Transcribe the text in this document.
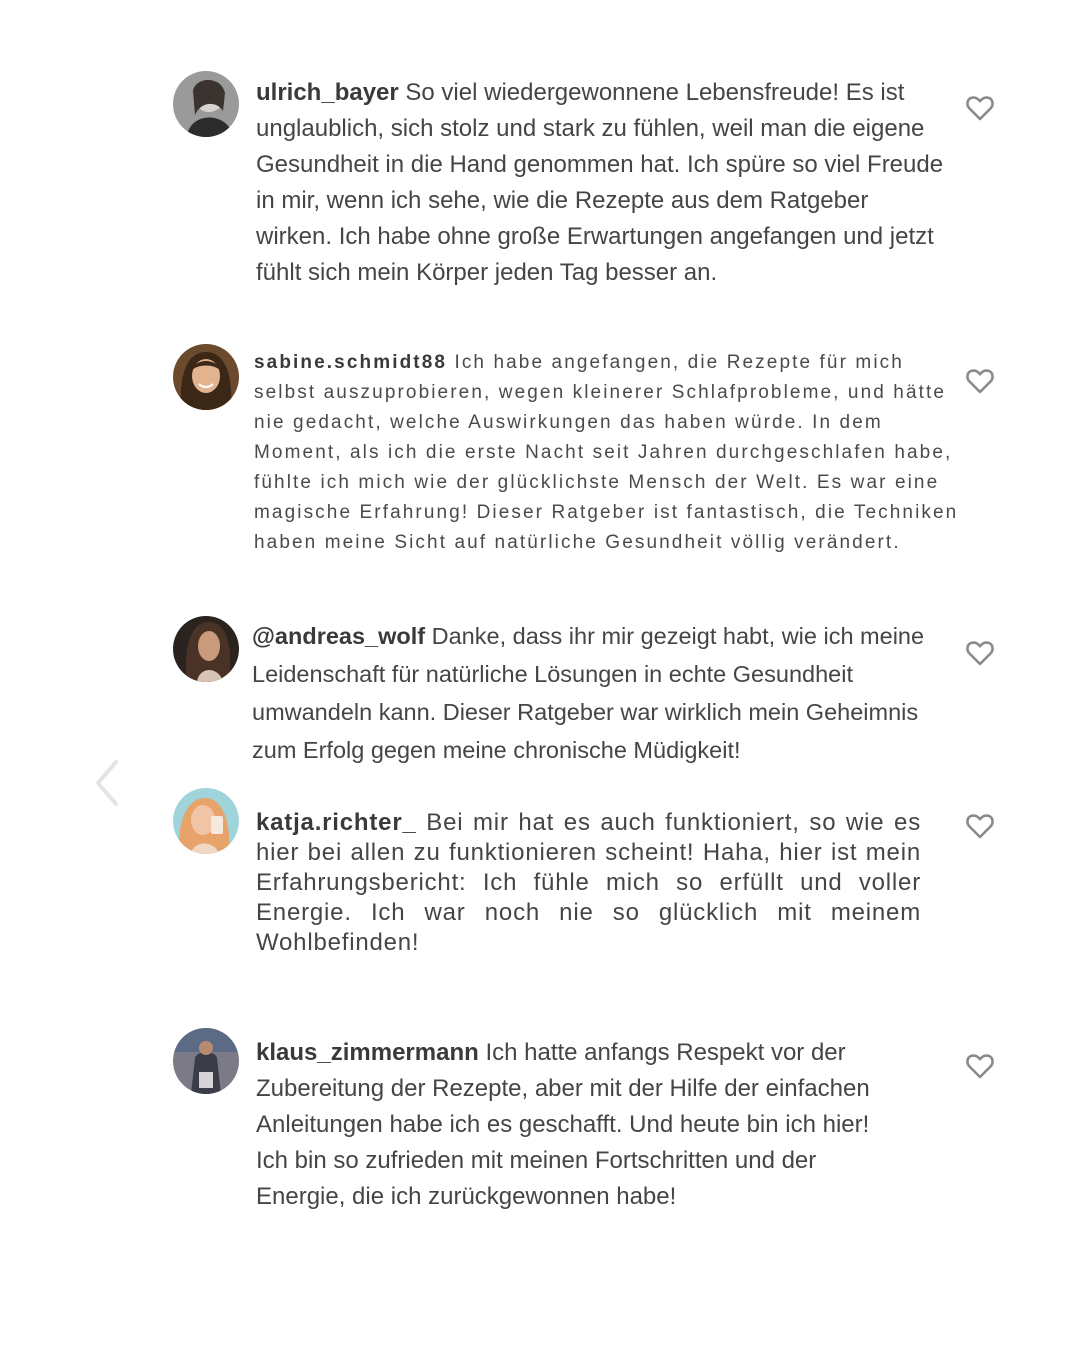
ulrich_bayer So viel wiedergewonnene Lebensfreude! Es ist unglaublich, sich stolz und stark zu fühlen, weil man die eigene Gesundheit in die Hand genommen hat. Ich spüre so viel Freude in mir, wenn ich sehe, wie die Rezepte aus dem Ratgeber wirken. Ich habe ohne große Erwartungen angefangen und jetzt fühlt sich mein Körper jeden Tag besser an.
sabine.schmidt88 Ich habe angefangen, die Rezepte für mich selbst auszuprobieren, wegen kleinerer Schlafprobleme, und hätte nie gedacht, welche Auswirkungen das haben würde. In dem Moment, als ich die erste Nacht seit Jahren durchgeschlafen habe, fühlte ich mich wie der glücklichste Mensch der Welt. Es war eine magische Erfahrung! Dieser Ratgeber ist fantastisch, die Techniken haben meine Sicht auf natürliche Gesundheit völlig verändert.
@andreas_wolf Danke, dass ihr mir gezeigt habt, wie ich meine Leidenschaft für natürliche Lösungen in echte Gesundheit umwandeln kann. Dieser Ratgeber war wirklich mein Geheimnis zum Erfolg gegen meine chronische Müdigkeit!
katja.richter_ Bei mir hat es auch funktioniert, so wie es hier bei allen zu funktionieren scheint! Haha, hier ist mein Erfahrungsbericht: Ich fühle mich so erfüllt und voller Energie. Ich war noch nie so glücklich mit meinem Wohlbefinden!
klaus_zimmermann Ich hatte anfangs Respekt vor der Zubereitung der Rezepte, aber mit der Hilfe der einfachen Anleitungen habe ich es geschafft. Und heute bin ich hier! Ich bin so zufrieden mit meinen Fortschritten und der Energie, die ich zurückgewonnen habe!
